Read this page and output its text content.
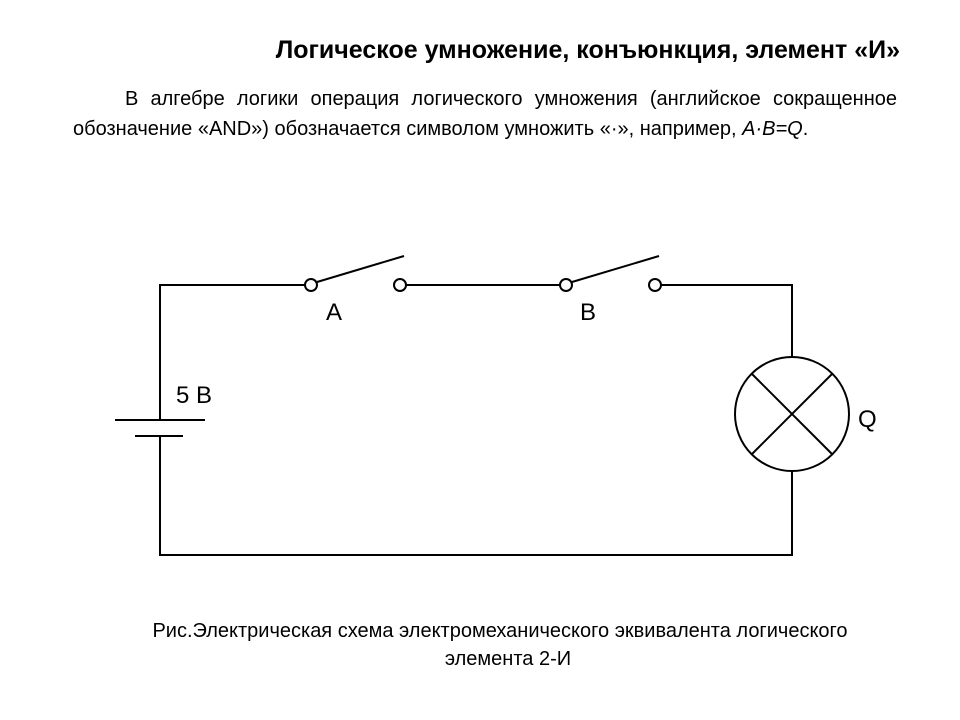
Логическое умножение, конъюнкция, элемент «И»
В алгебре логики операция логического умножения (английское сокращенное обозначение «AND») обозначается символом умножить «·», например, А·В=Q.
5 В
А	В
Q
Рис.Электрическая схема электромеханического эквивалента логического
элемента 2-И
